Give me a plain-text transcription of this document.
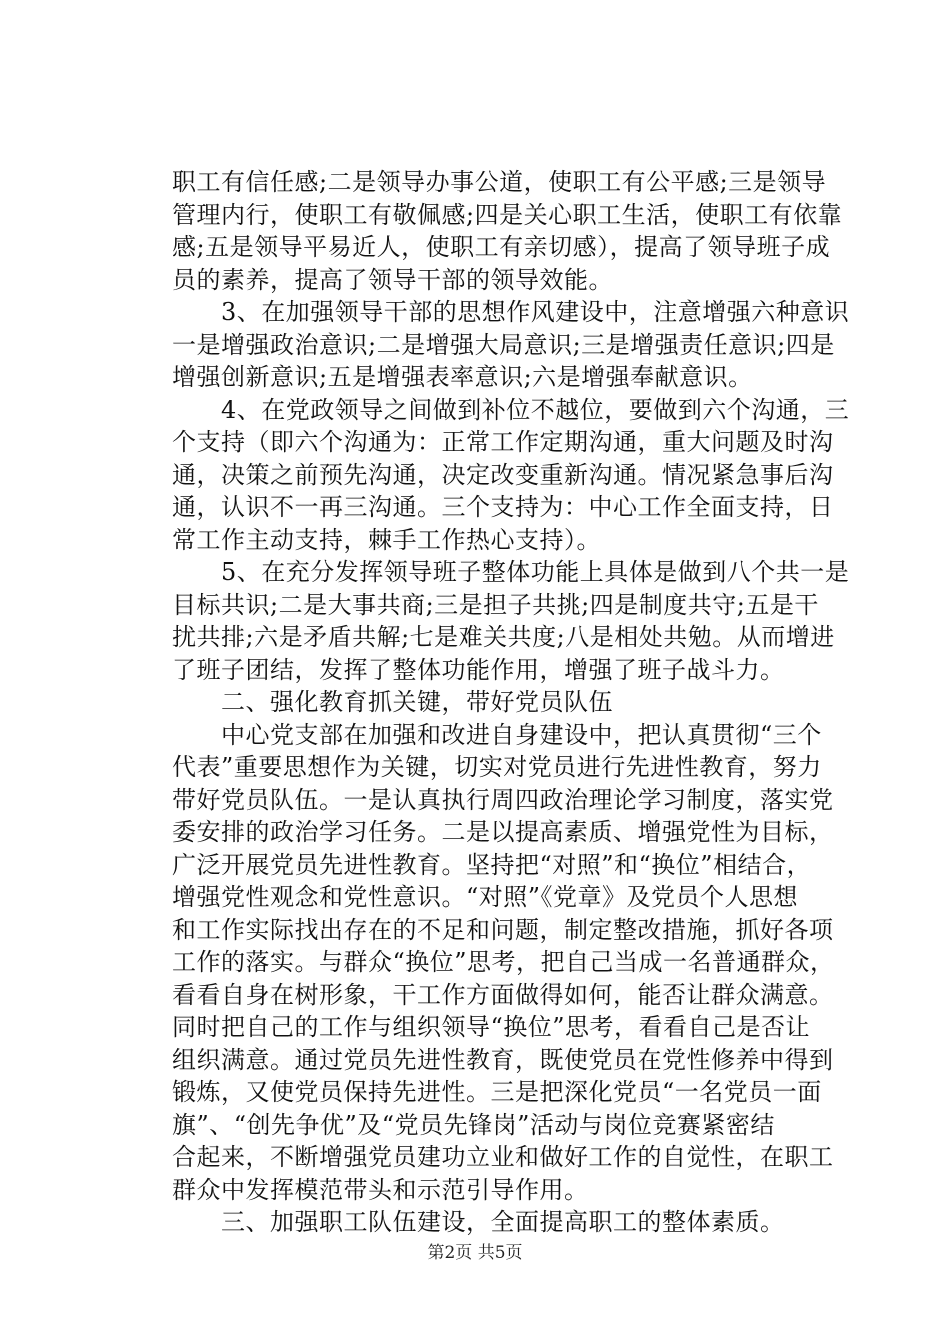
职工有信任感;二是领导办事公道，使职工有公平感;三是领导
管理内行，使职工有敬佩感;四是关心职工生活，使职工有依靠
感;五是领导平易近人，使职工有亲切感），提高了领导班子成
员的素养，提高了领导干部的领导效能。
　　3、在加强领导干部的思想作风建设中，注意增强六种意识
一是增强政治意识;二是增强大局意识;三是增强责任意识;四是
增强创新意识;五是增强表率意识;六是增强奉献意识。
　　4、在党政领导之间做到补位不越位，要做到六个沟通，三
个支持（即六个沟通为：正常工作定期沟通，重大问题及时沟
通，决策之前预先沟通，决定改变重新沟通。情况紧急事后沟
通，认识不一再三沟通。三个支持为：中心工作全面支持，日
常工作主动支持，棘手工作热心支持）。
　　5、在充分发挥领导班子整体功能上具体是做到八个共一是
目标共识;二是大事共商;三是担子共挑;四是制度共守;五是干
扰共排;六是矛盾共解;七是难关共度;八是相处共勉。从而增进
了班子团结，发挥了整体功能作用，增强了班子战斗力。
　　二、强化教育抓关键，带好党员队伍
　　中心党支部在加强和改进自身建设中，把认真贯彻“三个
代表”重要思想作为关键，切实对党员进行先进性教育，努力
带好党员队伍。一是认真执行周四政治理论学习制度，落实党
委安排的政治学习任务。二是以提高素质、增强党性为目标，
广泛开展党员先进性教育。坚持把“对照”和“换位”相结合，
增强党性观念和党性意识。“对照”《党章》及党员个人思想
和工作实际找出存在的不足和问题，制定整改措施，抓好各项
工作的落实。与群众“换位”思考，把自己当成一名普通群众，
看看自身在树形象，干工作方面做得如何，能否让群众满意。
同时把自己的工作与组织领导“换位”思考，看看自己是否让
组织满意。通过党员先进性教育，既使党员在党性修养中得到
锻炼，又使党员保持先进性。三是把深化党员“一名党员一面
旗”、“创先争优”及“党员先锋岗”活动与岗位竞赛紧密结
合起来，不断增强党员建功立业和做好工作的自觉性，在职工
群众中发挥模范带头和示范引导作用。
　　三、加强职工队伍建设，全面提高职工的整体素质。
第2页 共5页
